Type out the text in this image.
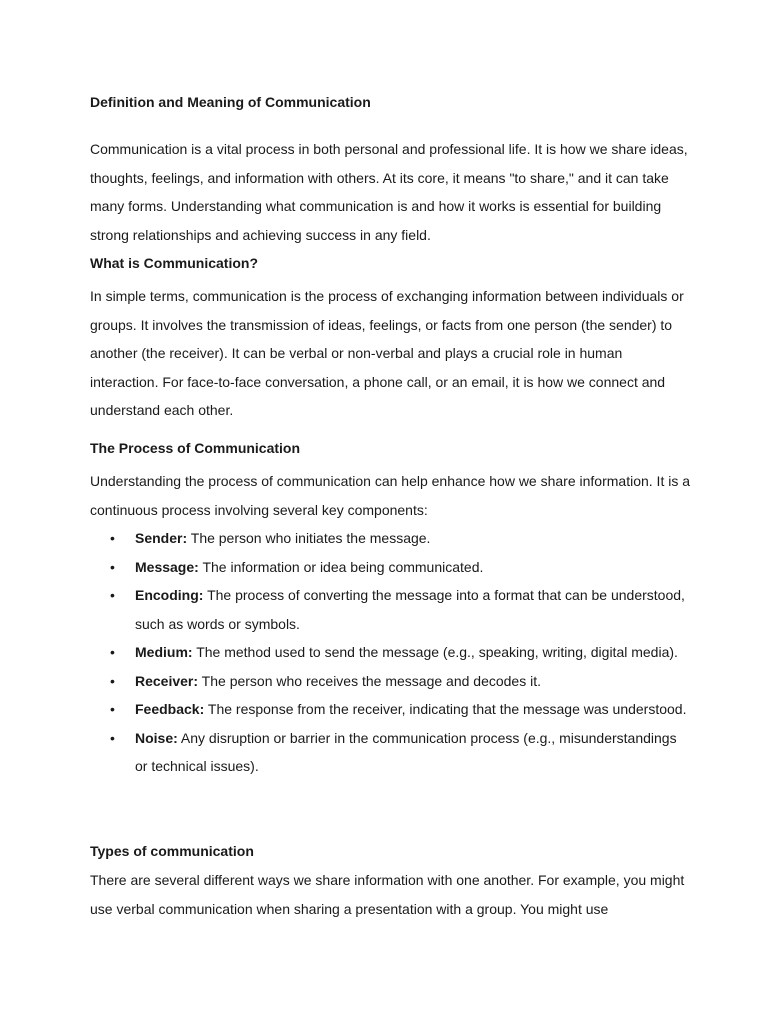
Definition and Meaning of Communication

Communication is a vital process in both personal and professional life. It is how we share ideas, thoughts, feelings, and information with others. At its core, it means "to share," and it can take many forms. Understanding what communication is and how it works is essential for building strong relationships and achieving success in any field.

What is Communication?

In simple terms, communication is the process of exchanging information between individuals or groups. It involves the transmission of ideas, feelings, or facts from one person (the sender) to another (the receiver). It can be verbal or non-verbal and plays a crucial role in human interaction. For face-to-face conversation, a phone call, or an email, it is how we connect and understand each other.

The Process of Communication

Understanding the process of communication can help enhance how we share information. It is a continuous process involving several key components:

• Sender: The person who initiates the message.
• Message: The information or idea being communicated.
• Encoding: The process of converting the message into a format that can be understood, such as words or symbols.
• Medium: The method used to send the message (e.g., speaking, writing, digital media).
• Receiver: The person who receives the message and decodes it.
• Feedback: The response from the receiver, indicating that the message was understood.
• Noise: Any disruption or barrier in the communication process (e.g., misunderstandings or technical issues).
Types of communication

There are several different ways we share information with one another. For example, you might use verbal communication when sharing a presentation with a group. You might use
